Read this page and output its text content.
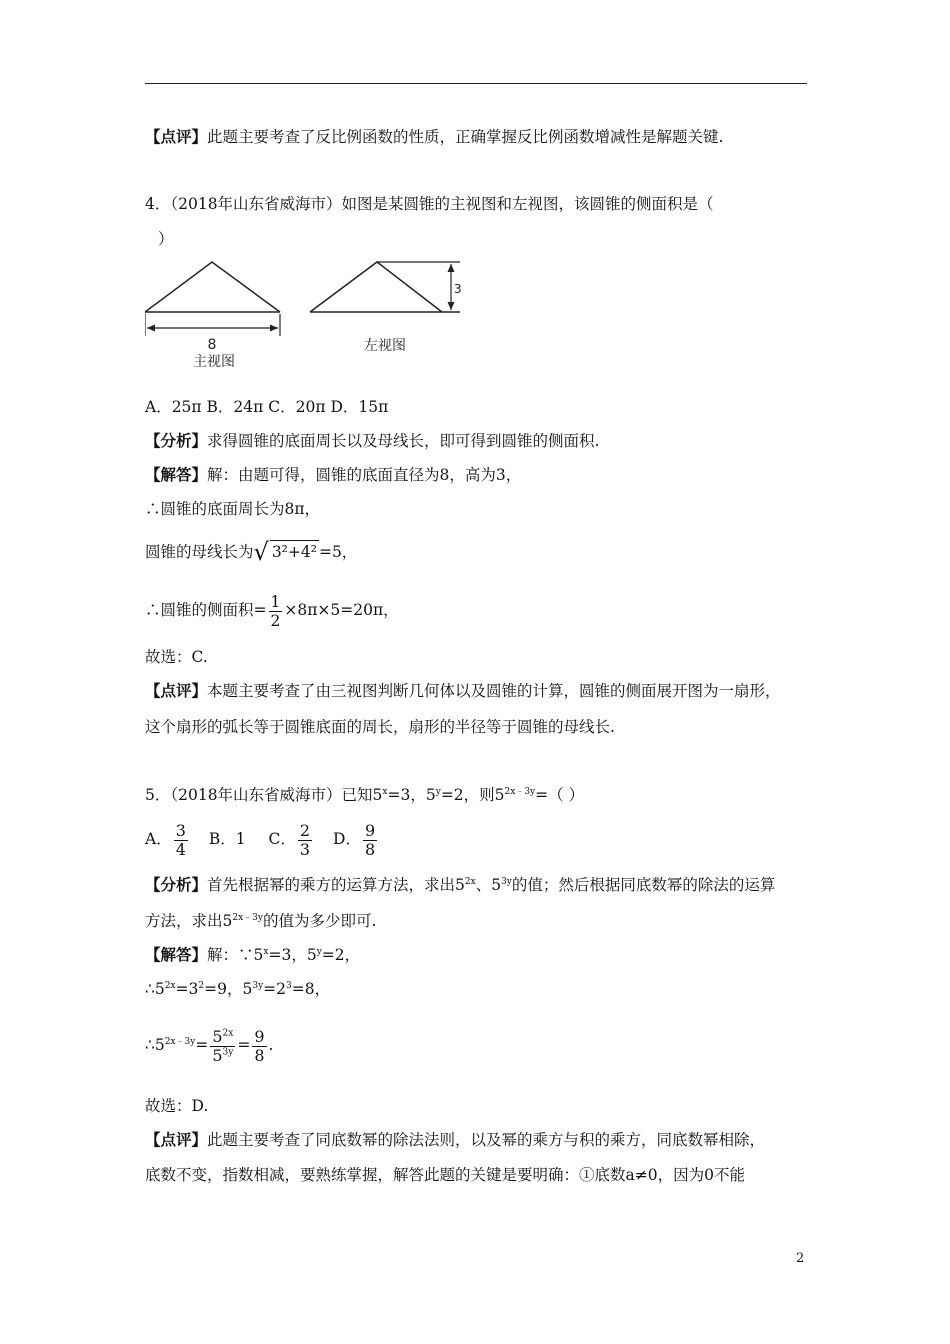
【点评】此题主要考查了反比例函数的性质，正确掌握反比例函数增减性是解题关键.
4．（2018年山东省威海市）如图是某圆锥的主视图和左视图，该圆锥的侧面积是（
）
8
主视图
3
左视图
A．25π B．24π C．20π D．15π
【分析】求得圆锥的底面周长以及母线长，即可得到圆锥的侧面积.
【解答】解：由题可得，圆锥的底面直径为8，高为3，
∴圆锥的底面周长为8π，
圆锥的母线长为√ 3²+4² =5，
∴圆锥的侧面积= $\frac{1}{2} \times 8\pi\times 5=20\pi$，
故选：C.
【点评】本题主要考查了由三视图判断几何体以及圆锥的计算，圆锥的侧面展开图为一扇形，
这个扇形的弧长等于圆锥底面的周长，扇形的半径等于圆锥的母线长.
5．（2018年山东省威海市）已知$5^x=3$，$5^y=2$，则$5^{2x﹣3y}=$（ ）
A． $\frac{3}{4}$ B．1 C． $\frac{2}{3}$ D． $\frac{9}{8}$
【分析】首先根据幂的乘方的运算方法，求出$5^{2x}$、$5^{3y}$的值；然后根据同底数幂的除法的运算
方法，求出$5^{2x﹣3y}$的值为多少即可.
【解答】解：$\because 5^x=3$，$5^y=2$，
$\therefore 5^{2x}=3^2=9$，$5^{3y}=2^3=8$，
$\therefore 5^{2x﹣3y}= \frac{5^{2x}}{5^{3y}} = \frac{9}{8}$ .
故选：D.
【点评】此题主要考查了同底数幂的除法法则，以及幂的乘方与积的乘方，同底数幂相除，
底数不变，指数相减，要熟练掌握，解答此题的关键是要明确：①底数a≠0，因为0不能
2
